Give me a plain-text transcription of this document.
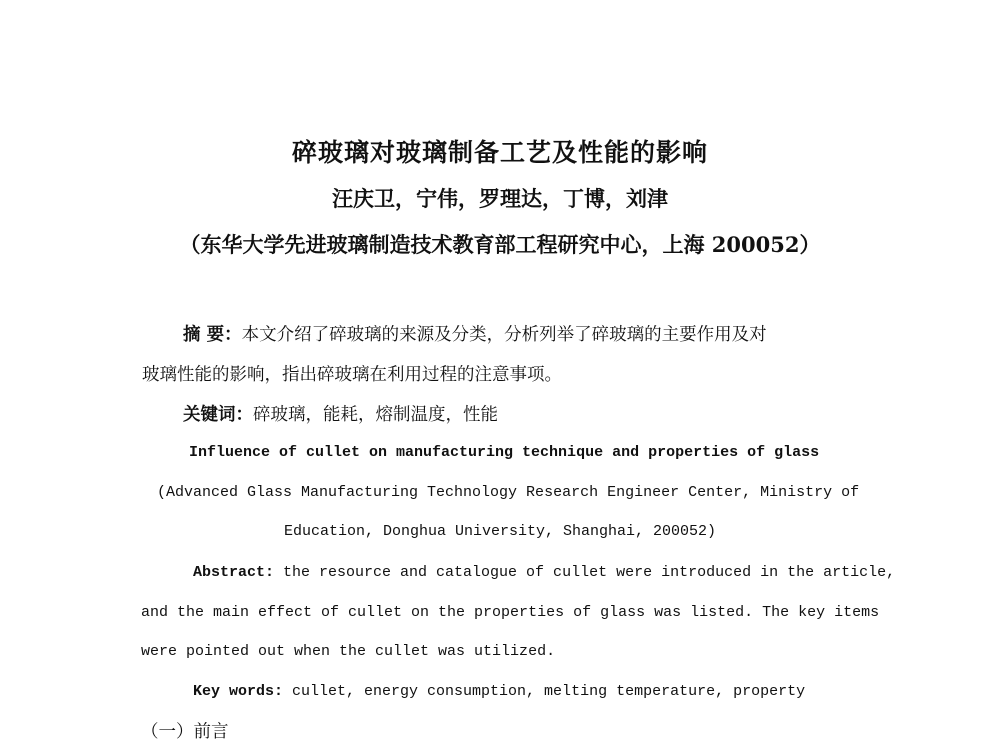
碎玻璃对玻璃制备工艺及性能的影响
汪庆卫，宁伟，罗理达，丁博，刘津
（东华大学先进玻璃制造技术教育部工程研究中心，上海 200052）
摘 要：本文介绍了碎玻璃的来源及分类，分析列举了碎玻璃的主要作用及对
玻璃性能的影响，指出碎玻璃在利用过程的注意事项。
关键词：碎玻璃，能耗，熔制温度，性能
Influence of cullet on manufacturing technique and properties of glass
(Advanced Glass Manufacturing Technology Research Engineer Center, Ministry of
Education, Donghua University, Shanghai, 200052)
Abstract: the resource and catalogue of cullet were introduced in the article,
and the main effect of cullet on the properties of glass was listed. The key items
were pointed out when the cullet was utilized.
Key words: cullet, energy consumption, melting temperature, property
（一）前言
